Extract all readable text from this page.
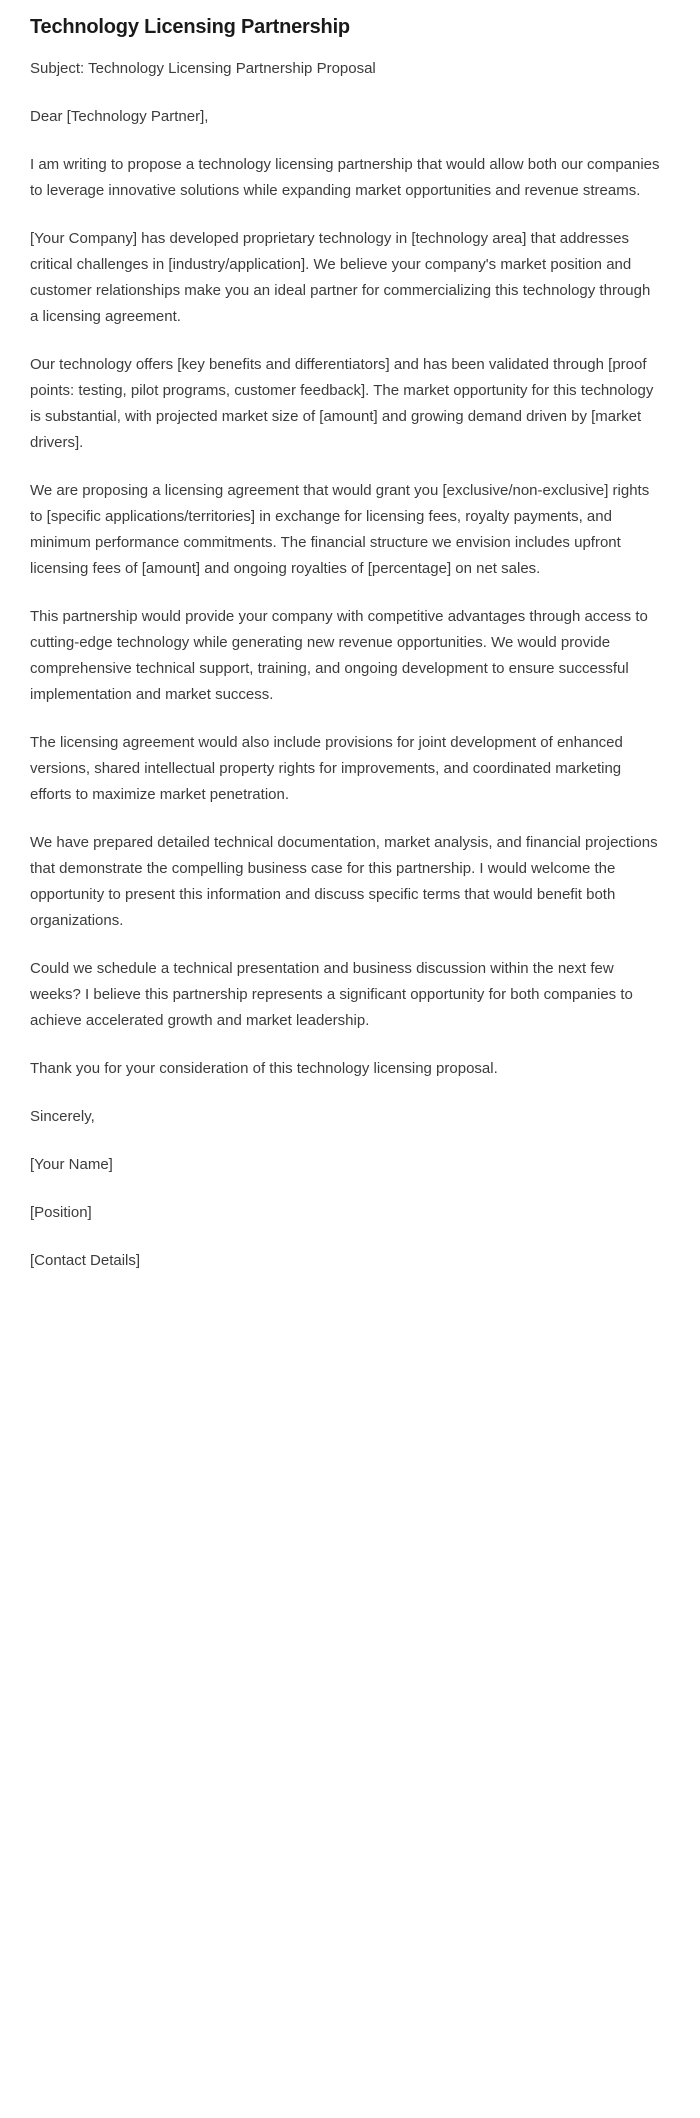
Technology Licensing Partnership

Subject: Technology Licensing Partnership Proposal

Dear [Technology Partner],

I am writing to propose a technology licensing partnership that would allow both our companies to leverage innovative solutions while expanding market opportunities and revenue streams.

[Your Company] has developed proprietary technology in [technology area] that addresses critical challenges in [industry/application]. We believe your company's market position and customer relationships make you an ideal partner for commercializing this technology through a licensing agreement.

Our technology offers [key benefits and differentiators] and has been validated through [proof points: testing, pilot programs, customer feedback]. The market opportunity for this technology is substantial, with projected market size of [amount] and growing demand driven by [market drivers].

We are proposing a licensing agreement that would grant you [exclusive/non-exclusive] rights to [specific applications/territories] in exchange for licensing fees, royalty payments, and minimum performance commitments. The financial structure we envision includes upfront licensing fees of [amount] and ongoing royalties of [percentage] on net sales.

This partnership would provide your company with competitive advantages through access to cutting-edge technology while generating new revenue opportunities. We would provide comprehensive technical support, training, and ongoing development to ensure successful implementation and market success.

The licensing agreement would also include provisions for joint development of enhanced versions, shared intellectual property rights for improvements, and coordinated marketing efforts to maximize market penetration.

We have prepared detailed technical documentation, market analysis, and financial projections that demonstrate the compelling business case for this partnership. I would welcome the opportunity to present this information and discuss specific terms that would benefit both organizations.

Could we schedule a technical presentation and business discussion within the next few weeks? I believe this partnership represents a significant opportunity for both companies to achieve accelerated growth and market leadership.

Thank you for your consideration of this technology licensing proposal.

Sincerely,

[Your Name]

[Position]

[Contact Details]
